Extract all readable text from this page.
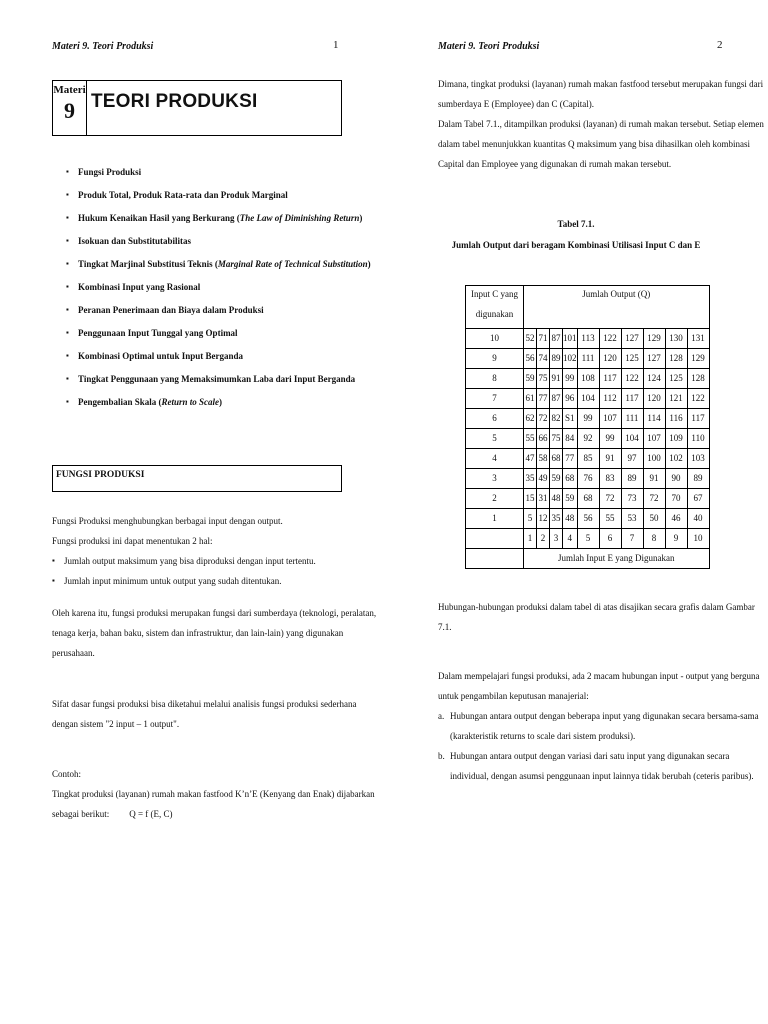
Materi 9. Teori Produksi	1
Materi
9 TEORI PRODUKSI
▪ Fungsi Produksi
▪ Produk Total, Produk Rata-rata dan Produk Marginal
▪ Hukum Kenaikan Hasil yang Berkurang (The Law of Diminishing Return)
▪ Isokuan dan Substitutabilitas
▪ Tingkat Marjinal Substitusi Teknis (Marginal Rate of Technical Substitution)
▪ Kombinasi Input yang Rasional
▪ Peranan Penerimaan dan Biaya dalam Produksi
▪ Penggunaan Input Tunggal yang Optimal
▪ Kombinasi Optimal untuk Input Berganda
▪ Tingkat Penggunaan yang Memaksimumkan Laba dari Input Berganda
▪ Pengembalian Skala (Return to Scale)
FUNGSI PRODUKSI
Fungsi Produksi menghubungkan berbagai input dengan output.
Fungsi produksi ini dapat menentukan 2 hal:
▪ Jumlah output maksimum yang bisa diproduksi dengan input tertentu.
▪ Jumlah input minimum untuk output yang sudah ditentukan.
Oleh karena itu, fungsi produksi merupakan fungsi dari sumberdaya (teknologi, peralatan,
tenaga kerja, bahan baku, sistem dan infrastruktur, dan lain-lain) yang digunakan
perusahaan.
Sifat dasar fungsi produksi bisa diketahui melalui analisis fungsi produksi sederhana
dengan sistem "2 input – 1 output".
Contoh:
Tingkat produksi (layanan) rumah makan fastfood K’n’E (Kenyang dan Enak) dijabarkan
sebagai berikut: Q = f (E, C)
Materi 9. Teori Produksi	2
Dimana, tingkat produksi (layanan) rumah makan fastfood tersebut merupakan fungsi dari
sumberdaya E (Employee) dan C (Capital).
Dalam Tabel 7.1., ditampilkan produksi (layanan) di rumah makan tersebut. Setiap elemen
dalam tabel menunjukkan kuantitas Q maksimum yang bisa dihasilkan oleh kombinasi
Capital dan Employee yang digunakan di rumah makan tersebut.
Hubungan-hubungan produksi dalam tabel di atas disajikan secara grafis dalam Gambar
7.1.
Dalam mempelajari fungsi produksi, ada 2 macam hubungan input - output yang berguna
untuk pengambilan keputusan manajerial:
a. Hubungan antara output dengan beberapa input yang digunakan secara bersama-sama
(karakteristik returns to scale dari sistem produksi).
b. Hubungan antara output dengan variasi dari satu input yang digunakan secara
individual, dengan asumsi penggunaan input lainnya tidak berubah (ceteris paribus).
Tabel 7.1.
Jumlah Output dari beragam Kombinasi Utilisasi Input C dan E
Input C yang
digunakan	Jumlah Output (Q)									
10	52	71	87	101	113	122	127	129	130	131
9	56	74	89	102	111	120	125	127	128	129
8	59	75	91	99	108	117	122	124	125	128
7	61	77	87	96	104	112	117	120	121	122
6	62	72	82	S1	99	107	111	114	116	117
5	55	66	75	84	92	99	104	107	109	110
4	47	58	68	77	85	91	97	100	102	103
3	35	49	59	68	76	83	89	91	90	89
2	15	31	48	59	68	72	73	72	70	67
1	5	12	35	48	56	55	53	50	46	40
	1	2	3	4	5	6	7	8	9	10
	Jumlah Input E yang Digunakan									
